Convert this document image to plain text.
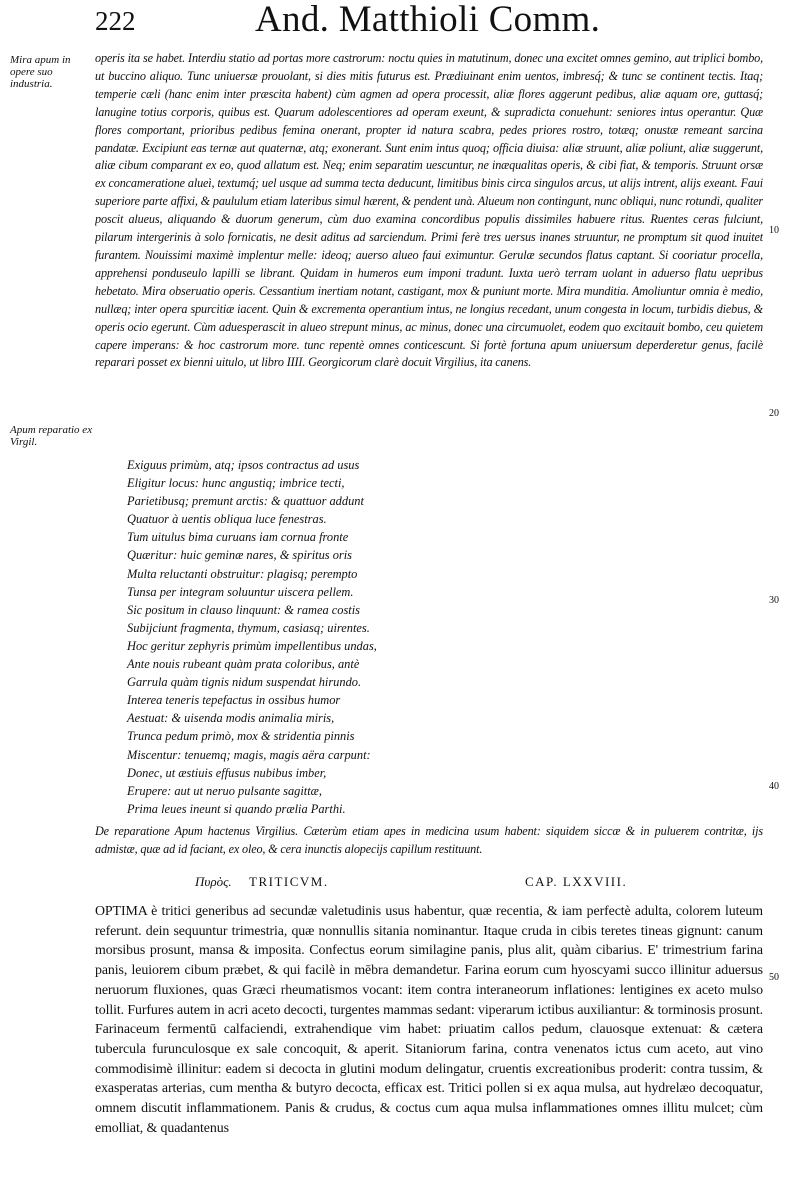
222	And. Matthioli Comm.
Mira apum in opere suo industria.
Apum reparatio ex Virgil.
10
20
30
40
50
operis ita se habet. Interdiu statio ad portas more castrorum: noctu quies in matutinum, donec una excitet omnes gemino, aut triplici bombo, ut buccino aliquo. Tunc uniuersæ prouolant, si dies mitis futurus est. Prædiuinant enim uentos, imbresq́; & tunc se continent tectis. Itaq; temperie cæli (hanc enim inter præscita habent) cùm agmen ad opera processit, aliæ flores aggerunt pedibus, aliæ aquam ore, guttasq́; lanugine totius corporis, quibus est. Quarum adolescentiores ad operam exeunt, & supradicta conuehunt: seniores intus operantur. Quæ flores comportant, prioribus pedibus femina onerant, propter id natura scabra, pedes priores rostro, totæq; onustæ remeant sarcina pandatæ. Excipiunt eas ternæ aut quaternæ, atq; exonerant. Sunt enim intus quoq; officia diuisa: aliæ struunt, aliæ poliunt, aliæ suggerunt, aliæ cibum comparant ex eo, quod allatum est. Neq; enim separatim uescuntur, ne inæqualitas operis, & cibi fiat, & temporis. Struunt orsæ ex concameratione alueì, textumq́; uel usque ad summa tecta deducunt, limitibus binis circa singulos arcus, ut alijs intrent, alijs exeant. Faui superiore parte affixi, & paululum etiam lateribus simul hærent, & pendent unà. Alueum non contingunt, nunc obliqui, nunc rotundi, qualiter poscit alueus, aliquando & duorum generum, cùm duo examina concordibus populis dissimiles habuere ritus. Ruentes ceras fulciunt, pilarum intergerinis à solo fornicatis, ne desit aditus ad sarciendum. Primi ferè tres uersus inanes struuntur, ne promptum sit quod inuitet furantem. Nouissimi maximè implentur melle: ideoq; auerso alueo faui eximuntur. Gerulæ secundos flatus captant. Si cooriatur procella, apprehensi ponduseulo lapilli se librant. Quidam in humeros eum imponi tradunt. Iuxta uerò terram uolant in aduerso flatu uepribus hebetato. Mira obseruatio operis. Cessantium inertiam notant, castigant, mox & puniunt morte. Mira munditia. Amoliuntur omnia è medio, nullæq; inter opera spurcitiæ iacent. Quin & excrementa operantium intus, ne longius recedant, unum congesta in locum, turbidis diebus, & operis ocio egerunt. Cùm aduesperascit in alueo strepunt minus, ac minus, donec una circumuolet, eodem quo excitauit bombo, ceu quietem capere imperans: & hoc castrorum more. tunc repentè omnes conticescunt. Si fortè fortuna apum uniuersum deperderetur genus, facilè reparari posset ex bienni uitulo, ut libro IIII. Georgicorum clarè docuit Virgilius, ita canens.
Exiguus primùm, atq; ipsos contractus ad usus
Eligitur locus: hunc angustiq; imbrice tecti,
Parietibusq; premunt arctis: & quattuor addunt
Quatuor à uentis obliqua luce fenestras.
Tum uitulus bima curuans iam cornua fronte
Quæritur: huic geminæ nares, & spiritus oris
Multa reluctanti obstruitur: plagisq; perempto
Tunsa per integram soluuntur uiscera pellem.
Sic positum in clauso linquunt: & ramea costis
Subijciunt fragmenta, thymum, casiasq; uirentes.
Hoc geritur zephyris primùm impellentibus undas,
Ante nouis rubeant quàm prata coloribus, antè
Garrula quàm tignis nidum suspendat hirundo.
Interea teneris tepefactus in ossibus humor
Aestuat: & uisenda modis animalia miris,
Trunca pedum primò, mox & stridentia pinnis
Miscentur: tenuemq; magis, magis aëra carpunt:
Donec, ut æstiuis effusus nubibus imber,
Erupere: aut ut neruo pulsante sagittæ,
Prima leues ineunt si quando prælia Parthi.
De reparatione Apum hactenus Virgilius. Cæterùm etiam apes in medicina usum habent: siquidem siccæ & in puluerem contritæ, ijs admistæ, quæ ad id faciant, ex oleo, & cera inunctis alopecijs capillum restituunt.
Πυρὸς. TRITICVM.	CAP. LXXVIII.
OPTIMA è tritici generibus ad secundæ valetudinis usus habentur, quæ recentia, & iam perfectè adulta, colorem luteum referunt. dein sequuntur trimestria, quæ nonnullis sitania nominantur. Itaque cruda in cibis teretes tineas gignunt: canum morsibus prosunt, mansa & imposita. Confectus eorum similagine panis, plus alit, quàm cibarius. E' trimestrium farina panis, leuiorem cibum præbet, & qui facilè in mēbra demandetur. Farina eorum cum hyoscyami succo illinitur aduersus neruorum fluxiones, quas Græci rheumatismos vocant: item contra interaneorum inflationes: lentigines ex aceto mulso tollit. Furfures autem in acri aceto decocti, turgentes mammas sedant: viperarum ictibus auxiliantur: & torminosis prosunt. Farinaceum fermentū calfaciendi, extrahendique vim habet: priuatim callos pedum, clauosque extenuat: & cætera tubercula furunculosque ex sale concoquit, & aperit. Sitaniorum farina, contra venenatos ictus cum aceto, aut vino commodisimè illinitur: eadem si decocta in glutini modum delingatur, cruentis excreationibus proderit: contra tussim, & exasperatas arterias, cum mentha & butyro decocta, efficax est. Tritici pollen si ex aqua mulsa, aut hydrelæo decoquatur, omnem discutit inflammationem. Panis & crudus, & coctus cum aqua mulsa inflammationes omnes illitu mulcet; cùm emolliat, & quadantenus
